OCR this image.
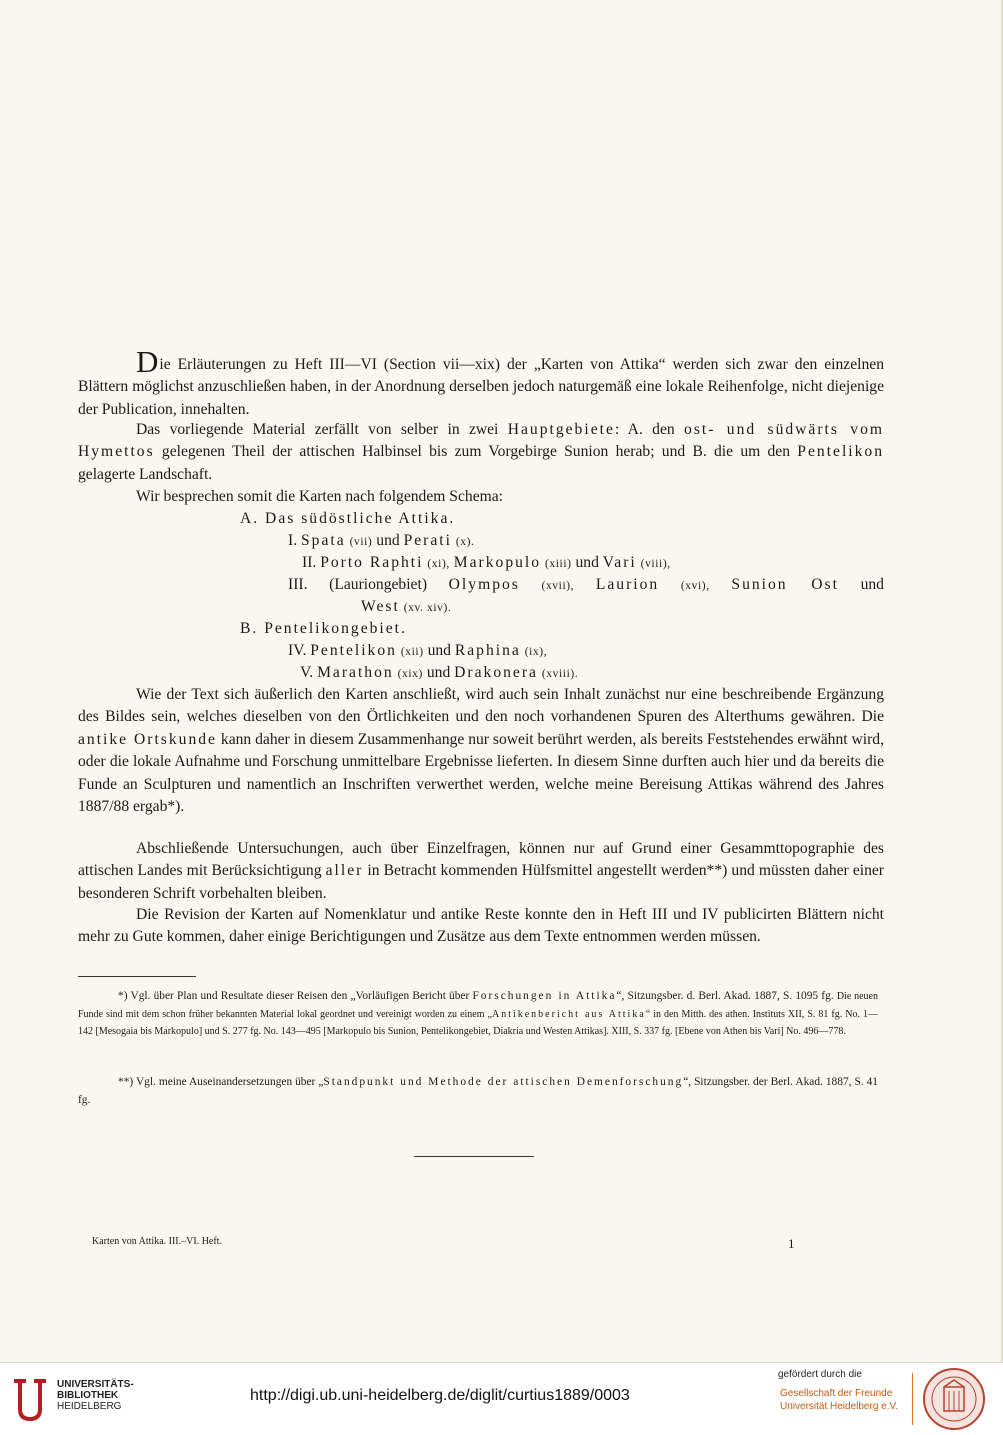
Die Erläuterungen zu Heft III—VI (Section vii—xix) der „Karten von Attika“ werden sich zwar den einzelnen Blättern möglichst anzuschließen haben, in der Anordnung derselben jedoch naturgemäß eine lokale Reihenfolge, nicht diejenige der Publication, innehalten.

Das vorliegende Material zerfällt von selber in zwei Hauptgebiete: A. den ost- und südwärts vom Hymettos gelegenen Theil der attischen Halbinsel bis zum Vorgebirge Sunion herab; und B. die um den Pentelikon gelagerte Landschaft.

Wir besprechen somit die Karten nach folgendem Schema:

A. Das südöstliche Attika.
I. Spata (vii) und Perati (x).
II. Porto Raphti (xi), Markopulo (xiii) und Vari (viii),
III. (Lauriongebiet) Olympos (xvii), Laurion (xvi), Sunion Ost und
West (xv. xiv).
B. Pentelikongebiet.
IV. Pentelikon (xii) und Raphina (ix),
V. Marathon (xix) und Drakonera (xviii).

Wie der Text sich äußerlich den Karten anschließt, wird auch sein Inhalt zunächst nur eine beschreibende Ergänzung des Bildes sein, welches dieselben von den Örtlichkeiten und den noch vorhandenen Spuren des Alterthums gewähren. Die antike Ortskunde kann daher in diesem Zusammenhange nur soweit berührt werden, als bereits Feststehendes erwähnt wird, oder die lokale Aufnahme und Forschung unmittelbare Ergebnisse lieferten. In diesem Sinne durften auch hier und da bereits die Funde an Sculpturen und namentlich an Inschriften verwerthet werden, welche meine Bereisung Attikas während des Jahres 1887/88 ergab*).

Abschließende Untersuchungen, auch über Einzelfragen, können nur auf Grund einer Gesammttopographie des attischen Landes mit Berücksichtigung aller in Betracht kommenden Hülfsmittel angestellt werden**) und müssten daher einer besonderen Schrift vorbehalten bleiben.

Die Revision der Karten auf Nomenklatur und antike Reste konnte den in Heft III und IV publicirten Blättern nicht mehr zu Gute kommen, daher einige Berichtigungen und Zusätze aus dem Texte entnommen werden müssen.

*) Vgl. über Plan und Resultate dieser Reisen den „Vorläufigen Bericht über Forschungen in Attika“, Sitzungsber. d. Berl. Akad. 1887, S. 1095 fg. Die neuen Funde sind mit dem schon früher bekannten Material lokal geordnet und vereinigt worden zu einem „Antikenbericht aus Attika“ in den Mitth. des athen. Instituts XII, S. 81 fg. No. 1—142 [Mesogaia bis Markopulo] und S. 277 fg. No. 143—495 [Markopulo bis Sunion, Pentelikongebiet, Diakria und Westen Attikas]. XIII, S. 337 fg. [Ebene von Athen bis Vari] No. 496—778.

**) Vgl. meine Auseinandersetzungen über „Standpunkt und Methode der attischen Demenforschung“, Sitzungsber. der Berl. Akad. 1887, S. 41 fg.

Karten von Attika. III.–VI. Heft.	1
UNIVERSITÄTS-
BIBLIOTHEK
HEIDELBERG
http://digi.ub.uni-heidelberg.de/diglit/curtius1889/0003
gefördert durch die
Gesellschaft der Freunde
Universität Heidelberg e.V.
